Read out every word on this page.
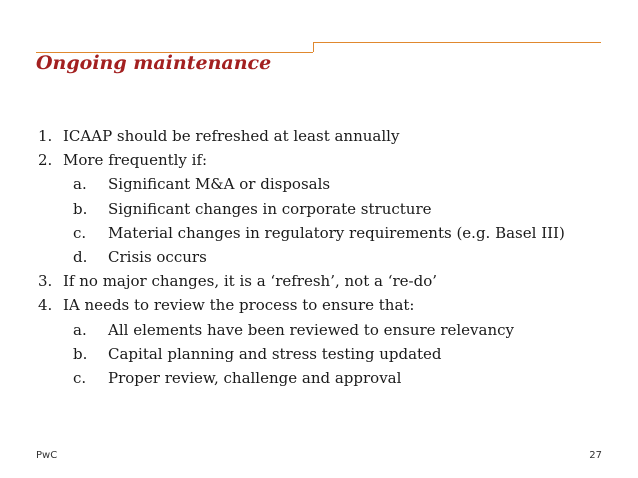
Ongoing maintenance
1. ICAAP should be refreshed at least annually
2. More frequently if:
a. Significant M&A or disposals
b. Significant changes in corporate structure
c. Material changes in regulatory requirements (e.g. Basel III)
d. Crisis occurs
3. If no major changes, it is a ‘refresh’, not a ‘re-do’
4. IA needs to review the process to ensure that:
a. All elements have been reviewed to ensure relevancy
b. Capital planning and stress testing updated
c. Proper review, challenge and approval
PwC	27
